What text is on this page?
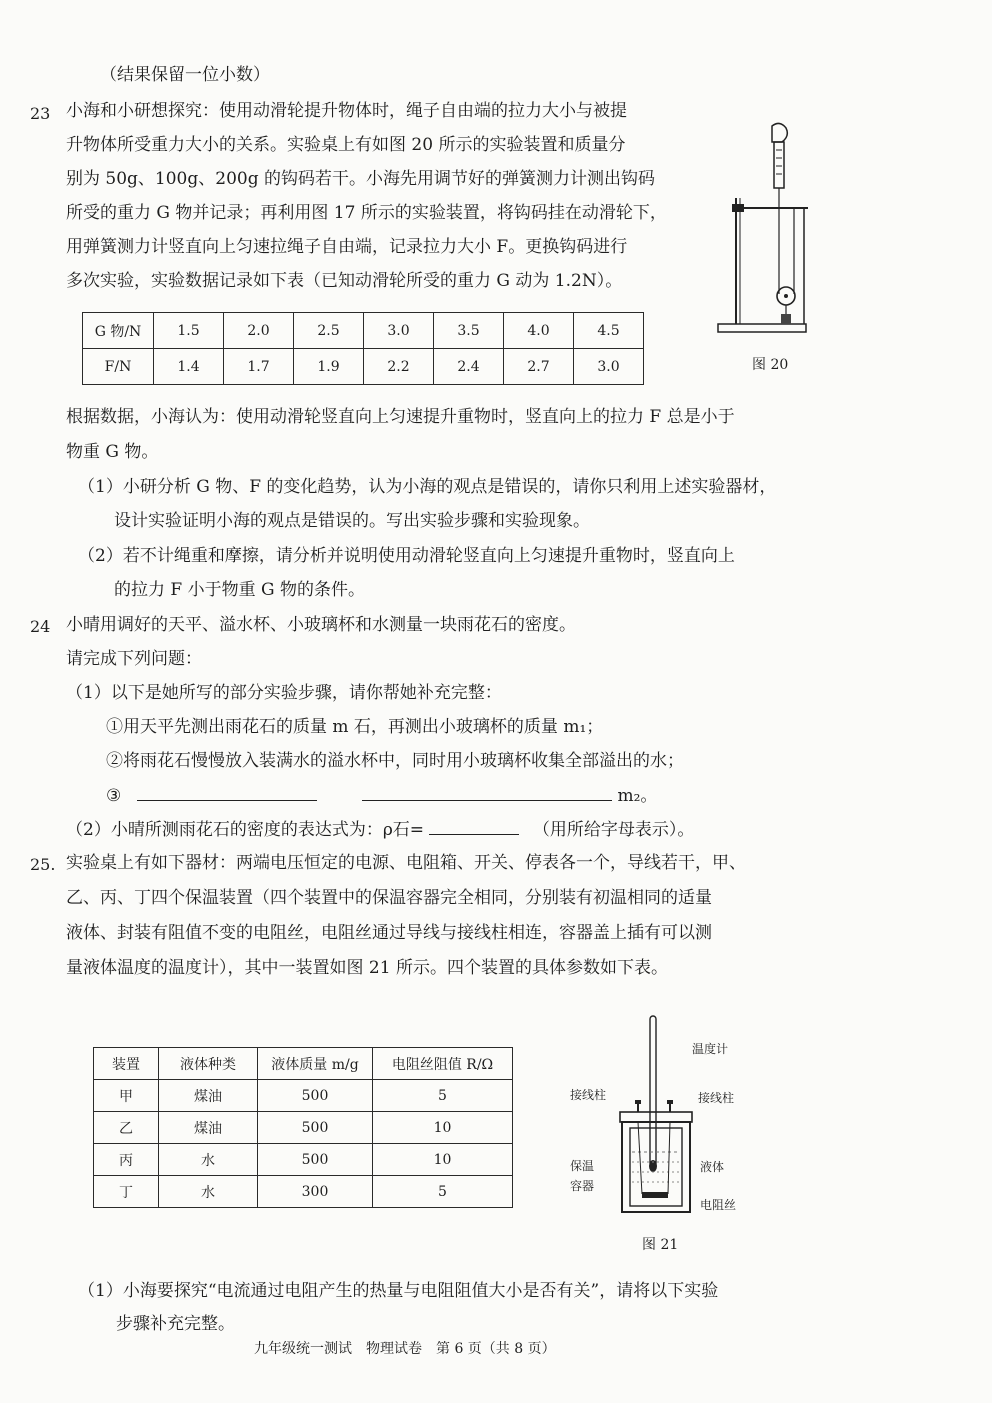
（结果保留一位小数）
23 小海和小研想探究：使用动滑轮提升物体时，绳子自由端的拉力大小与被提
升物体所受重力大小的关系。实验桌上有如图 20 所示的实验装置和质量分
别为 50g、100g、200g 的钩码若干。小海先用调节好的弹簧测力计测出钩码
所受的重力 G 物并记录；再利用图 17 所示的实验装置，将钩码挂在动滑轮下，
用弹簧测力计竖直向上匀速拉绳子自由端，记录拉力大小 F。更换钩码进行
多次实验，实验数据记录如下表（已知动滑轮所受的重力 G 动为 1.2N）。
G 物/N	1.5	2.0	2.5	3.0	3.5	4.0	4.5
F/N	1.4	1.7	1.9	2.2	2.4	2.7	3.0	图 20
根据数据，小海认为：使用动滑轮竖直向上匀速提升重物时，竖直向上的拉力 F 总是小于
物重 G 物。
（1）小研分析 G 物、F 的变化趋势，认为小海的观点是错误的，请你只利用上述实验器材，
设计实验证明小海的观点是错误的。写出实验步骤和实验现象。
（2）若不计绳重和摩擦，请分析并说明使用动滑轮竖直向上匀速提升重物时，竖直向上
的拉力 F 小于物重 G 物的条件。
24 小晴用调好的天平、溢水杯、小玻璃杯和水测量一块雨花石的密度。
请完成下列问题：
（1）以下是她所写的部分实验步骤，请你帮她补充完整：
①用天平先测出雨花石的质量 m 石，再测出小玻璃杯的质量 m₁；
②将雨花石慢慢放入装满水的溢水杯中，同时用小玻璃杯收集全部溢出的水；
③	m₂。
（2）小晴所测雨花石的密度的表达式为：ρ石=	（用所给字母表示）。
25. 实验桌上有如下器材：两端电压恒定的电源、电阻箱、开关、停表各一个，导线若干，甲、
乙、丙、丁四个保温装置（四个装置中的保温容器完全相同，分别装有初温相同的适量
液体、封装有阻值不变的电阻丝，电阻丝通过导线与接线柱相连，容器盖上插有可以测
量液体温度的温度计），其中一装置如图 21 所示。四个装置的具体参数如下表。
装置	液体种类	液体质量 m/g	电阻丝阻值 R/Ω
甲	煤油	500	5
乙	煤油	500	10
丙	水	500	10
丁	水	300	5
温度计
接线柱	接线柱
保温容器
液体
电阻丝
图 21
（1）小海要探究“电流通过电阻产生的热量与电阻阻值大小是否有关”，请将以下实验
步骤补充完整。
九年级统一测试　物理试卷　第 6 页（共 8 页）
